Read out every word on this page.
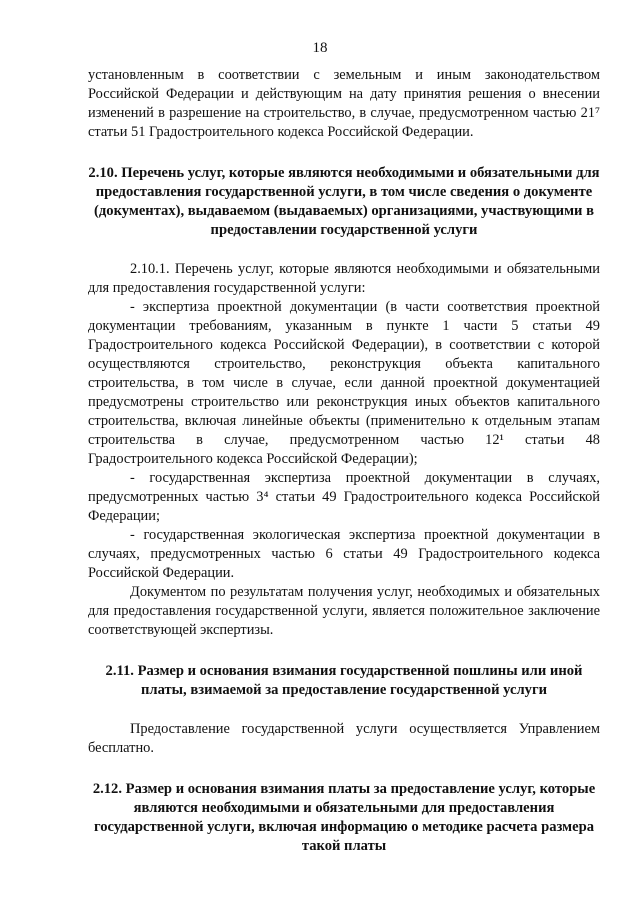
18

установленным в соответствии с земельным и иным законодательством Российской Федерации и действующим на дату принятия решения о внесении изменений в разрешение на строительство, в случае, предусмотренном частью 21⁷ статьи 51 Градостроительного кодекса Российской Федерации.

2.10. Перечень услуг, которые являются необходимыми и обязательными для предоставления государственной услуги, в том числе сведения о документе (документах), выдаваемом (выдаваемых) организациями, участвующими в предоставлении государственной услуги

2.10.1. Перечень услуг, которые являются необходимыми и обязательными для предоставления государственной услуги:

- экспертиза проектной документации (в части соответствия проектной документации требованиям, указанным в пункте 1 части 5 статьи 49 Градостроительного кодекса Российской Федерации), в соответствии с которой осуществляются строительство, реконструкция объекта капитального строительства, в том числе в случае, если данной проектной документацией предусмотрены строительство или реконструкция иных объектов капитального строительства, включая линейные объекты (применительно к отдельным этапам строительства в случае, предусмотренном частью 12¹ статьи 48 Градостроительного кодекса Российской Федерации);

- государственная экспертиза проектной документации в случаях, предусмотренных частью 3⁴ статьи 49 Градостроительного кодекса Российской Федерации;

- государственная экологическая экспертиза проектной документации в случаях, предусмотренных частью 6 статьи 49 Градостроительного кодекса Российской Федерации.

Документом по результатам получения услуг, необходимых и обязательных для предоставления государственной услуги, является положительное заключение соответствующей экспертизы.

2.11. Размер и основания взимания государственной пошлины или иной платы, взимаемой за предоставление государственной услуги

Предоставление государственной услуги осуществляется Управлением бесплатно.

2.12. Размер и основания взимания платы за предоставление услуг, которые являются необходимыми и обязательными для предоставления государственной услуги, включая информацию о методике расчета размера такой платы
